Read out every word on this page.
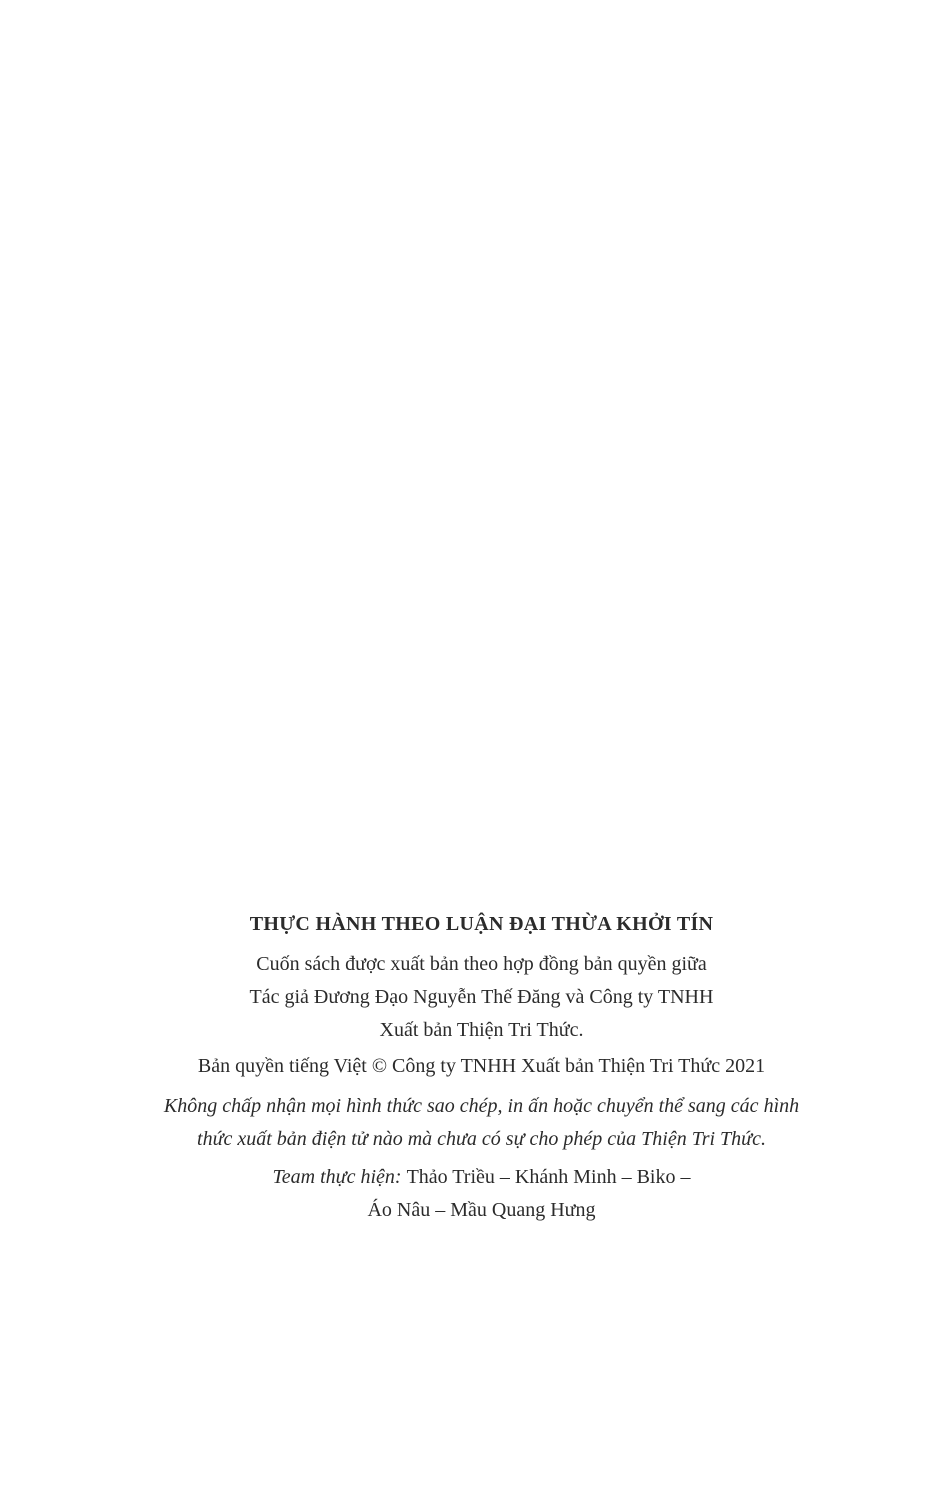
THỰC HÀNH THEO LUẬN ĐẠI THỪA KHỞI TÍN

Cuốn sách được xuất bản theo hợp đồng bản quyền giữa
Tác giả Đương Đạo Nguyễn Thế Đăng và Công ty TNHH
Xuất bản Thiện Tri Thức.

Bản quyền tiếng Việt © Công ty TNHH Xuất bản Thiện Tri Thức 2021

Không chấp nhận mọi hình thức sao chép, in ấn hoặc chuyển thể sang các hình
thức xuất bản điện tử nào mà chưa có sự cho phép của Thiện Tri Thức.

Team thực hiện: Thảo Triều – Khánh Minh – Biko –
Áo Nâu – Mầu Quang Hưng
